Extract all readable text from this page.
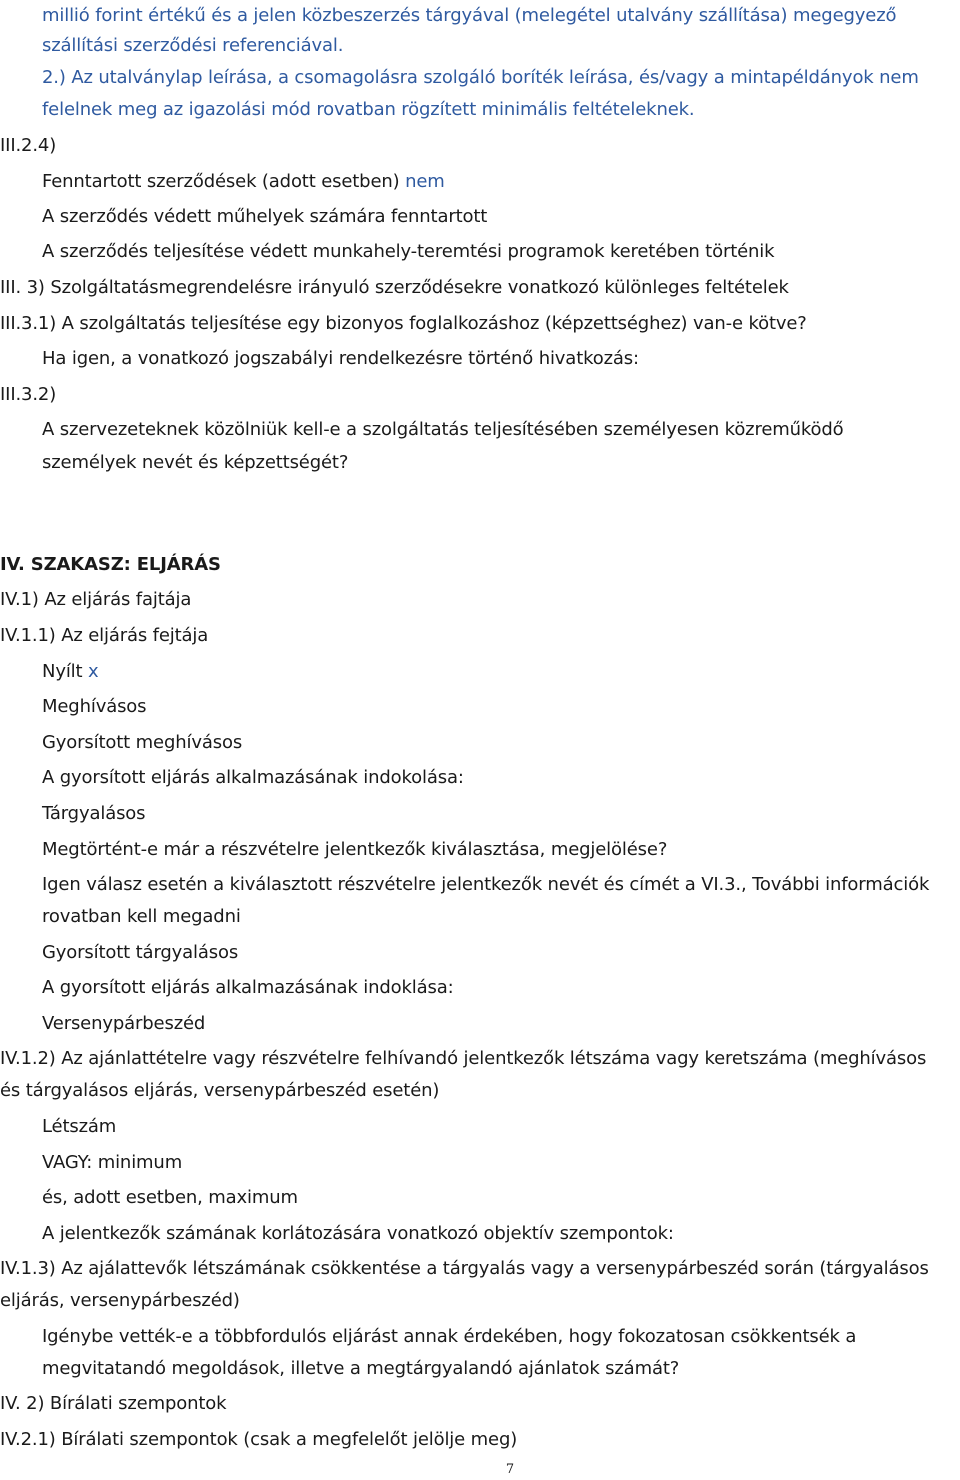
millió forint értékű és a jelen közbeszerzés tárgyával (melegétel utalvány szállítása) megegyező
szállítási szerződési referenciával.
2.) Az utalványlap leírása, a csomagolásra szolgáló boríték leírása, és/vagy a mintapéldányok nem
felelnek meg az igazolási mód rovatban rögzített minimális feltételeknek.
III.2.4)
Fenntartott szerződések (adott esetben) nem
A szerződés védett műhelyek számára fenntartott
A szerződés teljesítése védett munkahely-teremtési programok keretében történik
III. 3) Szolgáltatásmegrendelésre irányuló szerződésekre vonatkozó különleges feltételek
III.3.1) A szolgáltatás teljesítése egy bizonyos foglalkozáshoz (képzettséghez) van-e kötve?
Ha igen, a vonatkozó jogszabályi rendelkezésre történő hivatkozás:
III.3.2)
A szervezeteknek közölniük kell-e a szolgáltatás teljesítésében személyesen közreműködő
személyek nevét és képzettségét?
IV. SZAKASZ: ELJÁRÁS
IV.1) Az eljárás fajtája
IV.1.1) Az eljárás fejtája
Nyílt x
Meghívásos
Gyorsított meghívásos
A gyorsított eljárás alkalmazásának indokolása:
Tárgyalásos
Megtörtént-e már a részvételre jelentkezők kiválasztása, megjelölése?
Igen válasz esetén a kiválasztott részvételre jelentkezők nevét és címét a VI.3., További információk
rovatban kell megadni
Gyorsított tárgyalásos
A gyorsított eljárás alkalmazásának indoklása:
Versenypárbeszéd
IV.1.2) Az ajánlattételre vagy részvételre felhívandó jelentkezők létszáma vagy keretszáma (meghívásos
és tárgyalásos eljárás, versenypárbeszéd esetén)
Létszám
VAGY: minimum
és, adott esetben, maximum
A jelentkezők számának korlátozására vonatkozó objektív szempontok:
IV.1.3) Az ajálattevők létszámának csökkentése a tárgyalás vagy a versenypárbeszéd során (tárgyalásos
eljárás, versenypárbeszéd)
Igénybe vették-e a többfordulós eljárást annak érdekében, hogy fokozatosan csökkentsék a
megvitatandó megoldások, illetve a megtárgyalandó ajánlatok számát?
IV. 2) Bírálati szempontok
IV.2.1) Bírálati szempontok (csak a megfelelőt jelölje meg)
7
